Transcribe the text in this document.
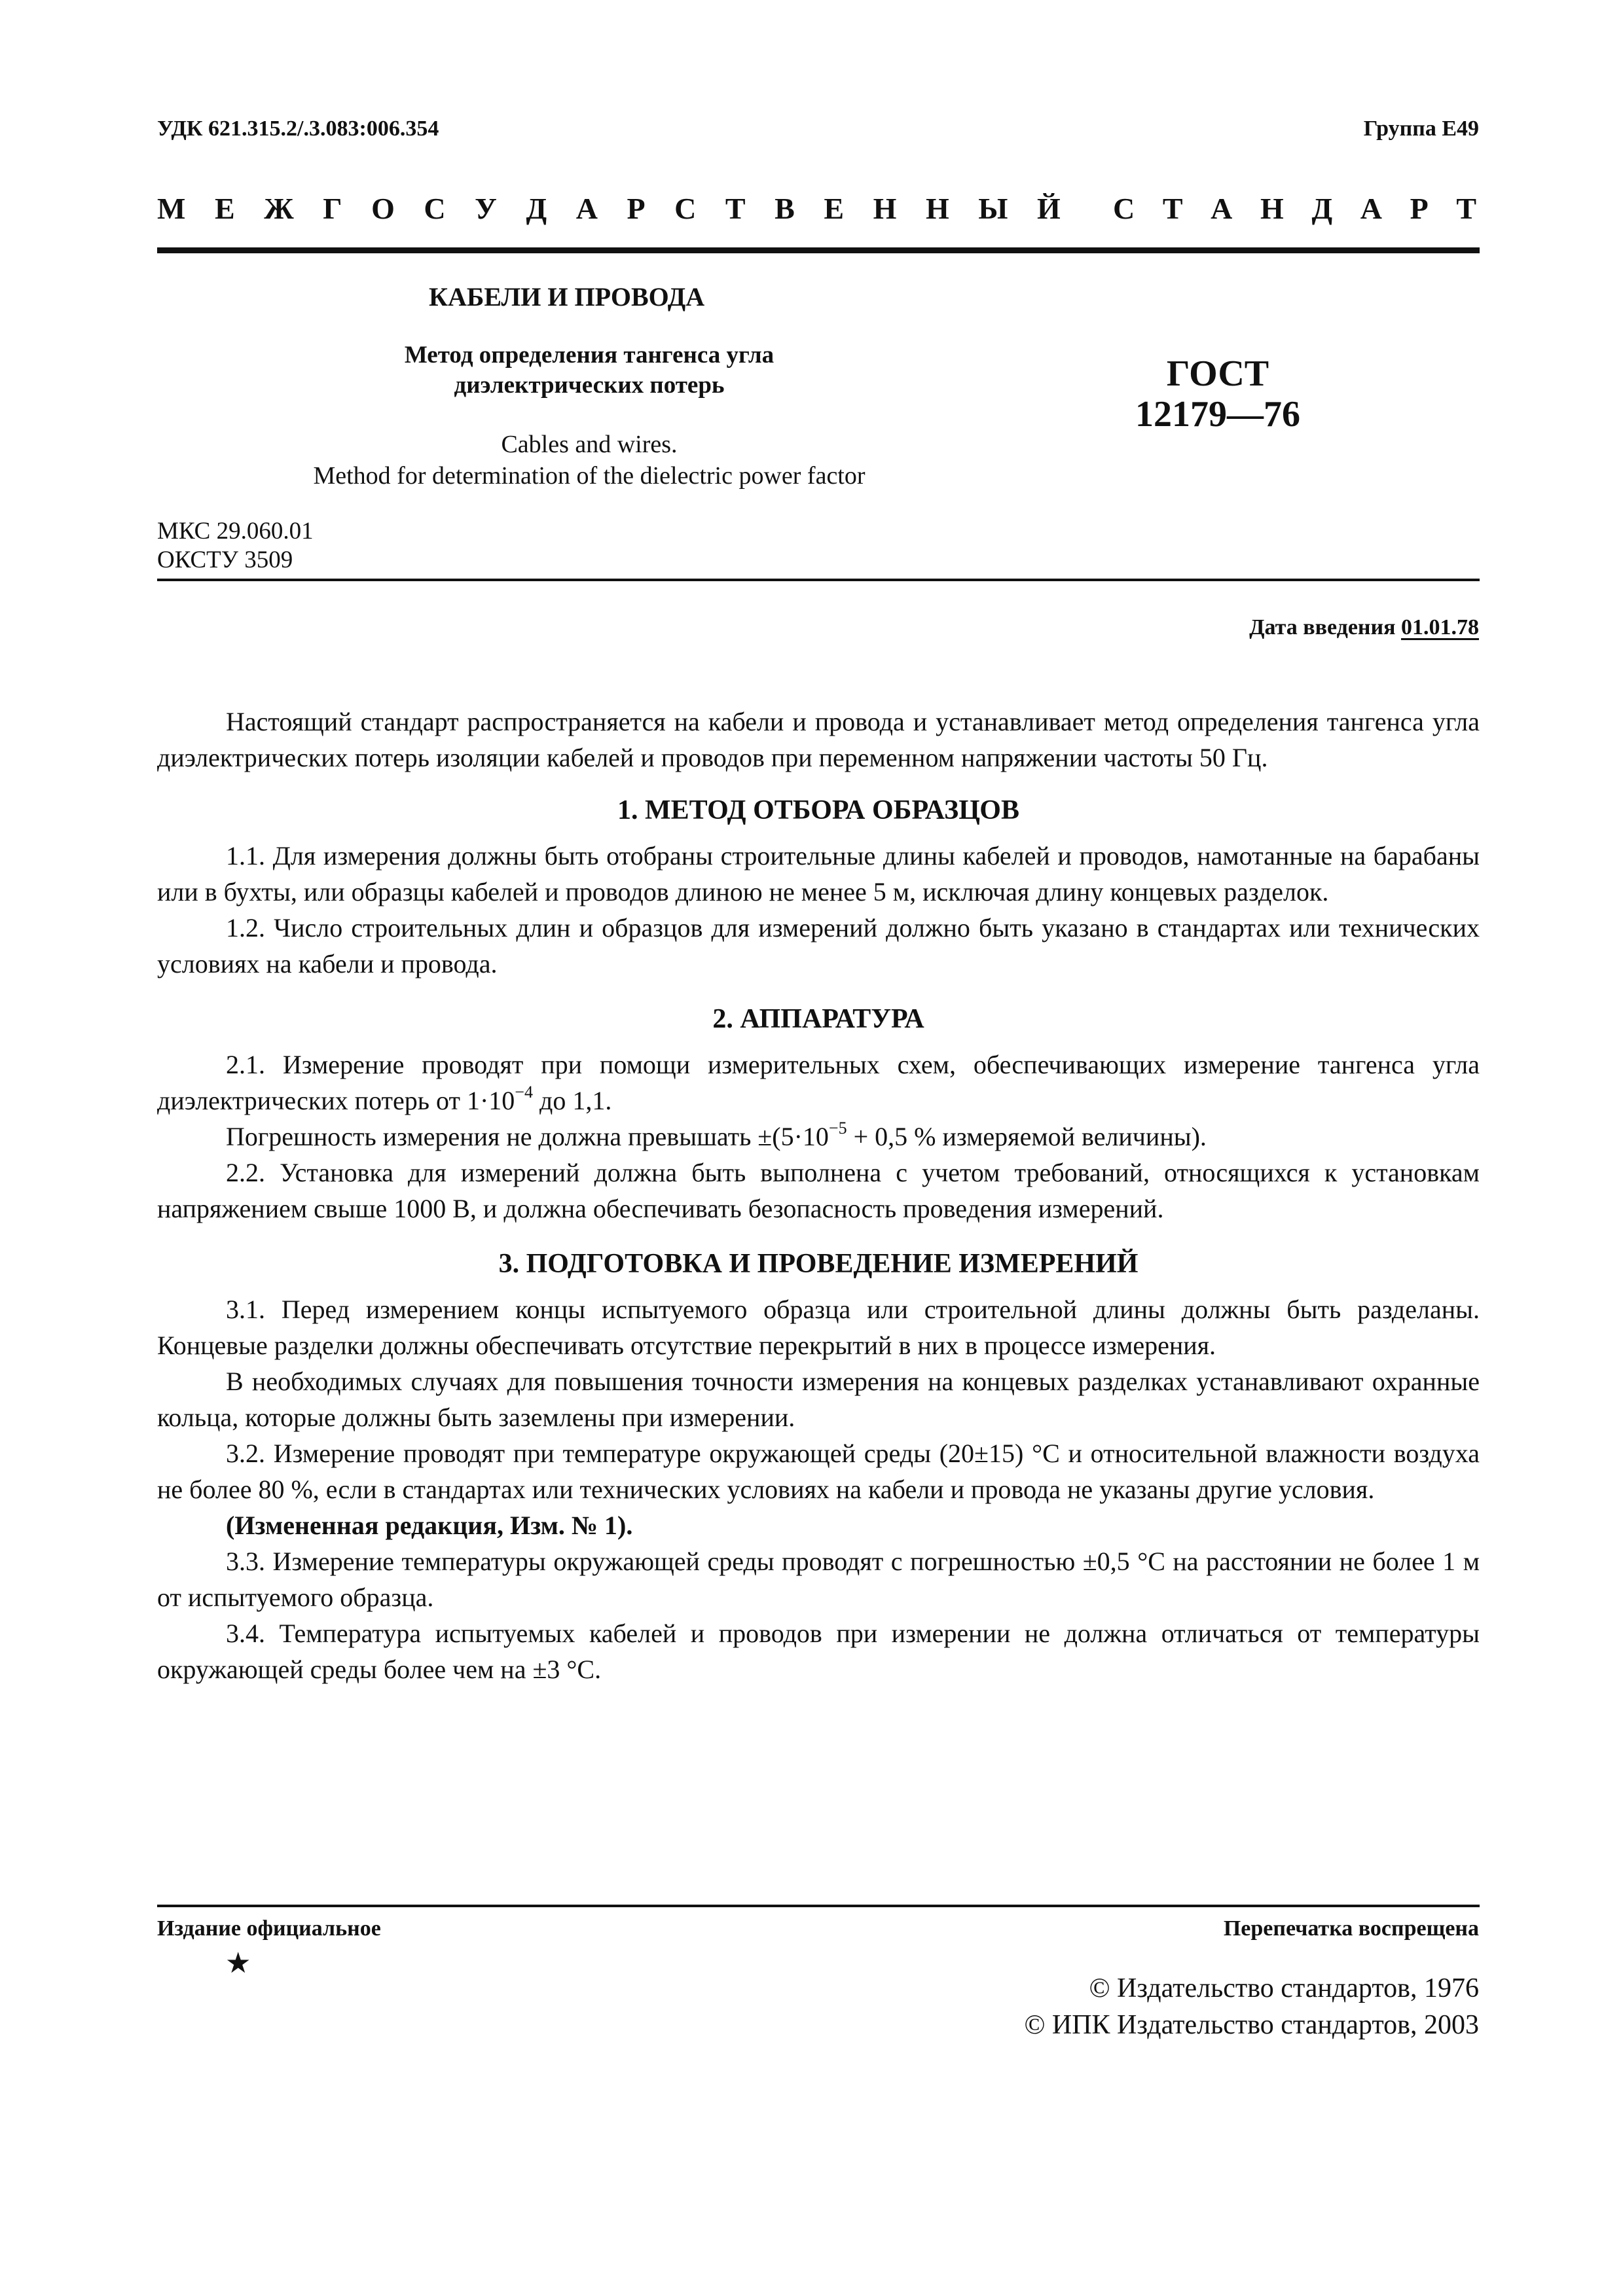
УДК 621.315.2/.3.083:006.354	Группа Е49
М Е Ж Г О С У Д А Р С Т В Е Н Н Ы Й С Т А Н Д А Р Т
КАБЕЛИ И ПРОВОДА
Метод определения тангенса угла
диэлектрических потерь
Cables and wires.
Method for determination of the dielectric power factor
ГОСТ
12179—76
МКС 29.060.01
ОКСТУ 3509
Дата введения 01.01.78

Настоящий стандарт распространяется на кабели и провода и устанавливает метод определения тангенса угла диэлектрических потерь изоляции кабелей и проводов при переменном напряжении частоты 50 Гц.

1. МЕТОД ОТБОРА ОБРАЗЦОВ

1.1. Для измерения должны быть отобраны строительные длины кабелей и проводов, намотанные на барабаны или в бухты, или образцы кабелей и проводов длиною не менее 5 м, исключая длину концевых разделок.

1.2. Число строительных длин и образцов для измерений должно быть указано в стандартах или технических условиях на кабели и провода.

2. АППАРАТУРА

2.1. Измерение проводят при помощи измерительных схем, обеспечивающих измерение тангенса угла диэлектрических потерь от $1\cdot 10^{-4}$ до 1,1.

Погрешность измерения не должна превышать $\pm(5\cdot 10^{-5} + 0,5$ % измеряемой величины).

2.2. Установка для измерений должна быть выполнена с учетом требований, относящихся к установкам напряжением свыше 1000 В, и должна обеспечивать безопасность проведения измерений.

3. ПОДГОТОВКА И ПРОВЕДЕНИЕ ИЗМЕРЕНИЙ

3.1. Перед измерением концы испытуемого образца или строительной длины должны быть разделаны. Концевые разделки должны обеспечивать отсутствие перекрытий в них в процессе измерения.

В необходимых случаях для повышения точности измерения на концевых разделках устанавливают охранные кольца, которые должны быть заземлены при измерении.

3.2. Измерение проводят при температуре окружающей среды (20±15) °С и относительной влажности воздуха не более 80 %, если в стандартах или технических условиях на кабели и провода не указаны другие условия.

(Измененная редакция, Изм. № 1).

3.3. Измерение температуры окружающей среды проводят с погрешностью ±0,5 °С на расстоянии не более 1 м от испытуемого образца.

3.4. Температура испытуемых кабелей и проводов при измерении не должна отличаться от температуры окружающей среды более чем на ±3 °С.

Издание официальное	Перепечатка воспрещена
★
© Издательство стандартов, 1976
© ИПК Издательство стандартов, 2003
